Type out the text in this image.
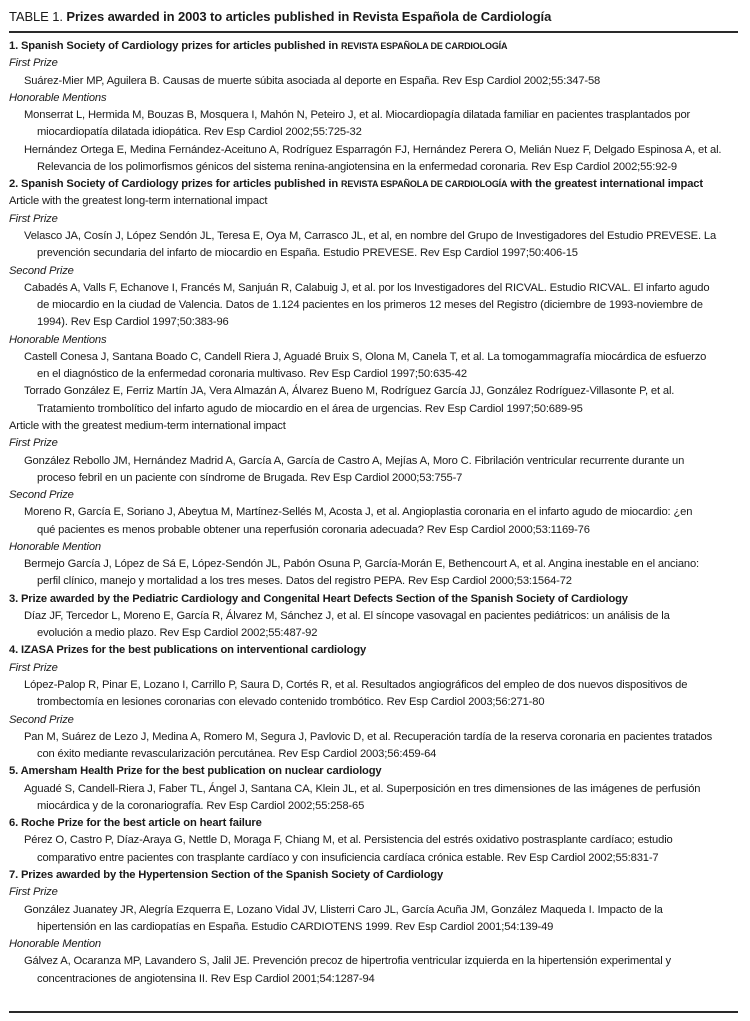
TABLE 1. Prizes awarded in 2003 to articles published in Revista Española de Cardiología
1. Spanish Society of Cardiology prizes for articles published in REVISTA ESPAÑOLA DE CARDIOLOGÍA
First Prize
Suárez-Mier MP, Aguilera B. Causas de muerte súbita asociada al deporte en España. Rev Esp Cardiol 2002;55:347-58
Honorable Mentions
Monserrat L, Hermida M, Bouzas B, Mosquera I, Mahón N, Peteiro J, et al. Miocardiopagía dilatada familiar en pacientes trasplantados por
miocardiopatía dilatada idiopática. Rev Esp Cardiol 2002;55:725-32
Hernández Ortega E, Medina Fernández-Aceituno A, Rodríguez Esparragón FJ, Hernández Perera O, Melián Nuez F, Delgado Espinosa A, et al.
Relevancia de los polimorfismos génicos del sistema renina-angiotensina en la enfermedad coronaria. Rev Esp Cardiol 2002;55:92-9
2. Spanish Society of Cardiology prizes for articles published in REVISTA ESPAÑOLA DE CARDIOLOGÍA with the greatest international impact
Article with the greatest long-term international impact
First Prize
Velasco JA, Cosín J, López Sendón JL, Teresa E, Oya M, Carrasco JL, et al, en nombre del Grupo de Investigadores del Estudio PREVESE. La
prevención secundaria del infarto de miocardio en España. Estudio PREVESE. Rev Esp Cardiol 1997;50:406-15
Second Prize
Cabadés A, Valls F, Echanove I, Francés M, Sanjuán R, Calabuig J, et al. por los Investigadores del RICVAL. Estudio RICVAL. El infarto agudo
de miocardio en la ciudad de Valencia. Datos de 1.124 pacientes en los primeros 12 meses del Registro (diciembre de 1993-noviembre de
1994). Rev Esp Cardiol 1997;50:383-96
Honorable Mentions
Castell Conesa J, Santana Boado C, Candell Riera J, Aguadé Bruix S, Olona M, Canela T, et al. La tomogammagrafía miocárdica de esfuerzo
en el diagnóstico de la enfermedad coronaria multivaso. Rev Esp Cardiol 1997;50:635-42
Torrado González E, Ferriz Martín JA, Vera Almazán A, Álvarez Bueno M, Rodríguez García JJ, González Rodríguez-Villasonte P, et al.
Tratamiento trombolítico del infarto agudo de miocardio en el área de urgencias. Rev Esp Cardiol 1997;50:689-95
Article with the greatest medium-term international impact
First Prize
González Rebollo JM, Hernández Madrid A, García A, García de Castro A, Mejías A, Moro C. Fibrilación ventricular recurrente durante un
proceso febril en un paciente con síndrome de Brugada. Rev Esp Cardiol 2000;53:755-7
Second Prize
Moreno R, García E, Soriano J, Abeytua M, Martínez-Sellés M, Acosta J, et al. Angioplastia coronaria en el infarto agudo de miocardio: ¿en
qué pacientes es menos probable obtener una reperfusión coronaria adecuada? Rev Esp Cardiol 2000;53:1169-76
Honorable Mention
Bermejo García J, López de Sá E, López-Sendón JL, Pabón Osuna P, García-Morán E, Bethencourt A, et al. Angina inestable en el anciano:
perfil clínico, manejo y mortalidad a los tres meses. Datos del registro PEPA. Rev Esp Cardiol 2000;53:1564-72
3. Prize awarded by the Pediatric Cardiology and Congenital Heart Defects Section of the Spanish Society of Cardiology
Díaz JF, Tercedor L, Moreno E, García R, Álvarez M, Sánchez J, et al. El síncope vasovagal en pacientes pediátricos: un análisis de la
evolución a medio plazo. Rev Esp Cardiol 2002;55:487-92
4. IZASA Prizes for the best publications on interventional cardiology
First Prize
López-Palop R, Pinar E, Lozano I, Carrillo P, Saura D, Cortés R, et al. Resultados angiográficos del empleo de dos nuevos dispositivos de
trombectomía en lesiones coronarias con elevado contenido trombótico. Rev Esp Cardiol 2003;56:271-80
Second Prize
Pan M, Suárez de Lezo J, Medina A, Romero M, Segura J, Pavlovic D, et al. Recuperación tardía de la reserva coronaria en pacientes tratados
con éxito mediante revascularización percutánea. Rev Esp Cardiol 2003;56:459-64
5. Amersham Health Prize for the best publication on nuclear cardiology
Aguadé S, Candell-Riera J, Faber TL, Ángel J, Santana CA, Klein JL, et al. Superposición en tres dimensiones de las imágenes de perfusión
miocárdica y de la coronariografía. Rev Esp Cardiol 2002;55:258-65
6. Roche Prize for the best article on heart failure
Pérez O, Castro P, Díaz-Araya G, Nettle D, Moraga F, Chiang M, et al. Persistencia del estrés oxidativo postrasplante cardíaco; estudio
comparativo entre pacientes con trasplante cardíaco y con insuficiencia cardíaca crónica estable. Rev Esp Cardiol 2002;55:831-7
7. Prizes awarded by the Hypertension Section of the Spanish Society of Cardiology
First Prize
González Juanatey JR, Alegría Ezquerra E, Lozano Vidal JV, Llisterri Caro JL, García Acuña JM, González Maqueda I. Impacto de la
hipertensión en las cardiopatías en España. Estudio CARDIOTENS 1999. Rev Esp Cardiol 2001;54:139-49
Honorable Mention
Gálvez A, Ocaranza MP, Lavandero S, Jalil JE. Prevención precoz de hipertrofia ventricular izquierda en la hipertensión experimental y
concentraciones de angiotensina II. Rev Esp Cardiol 2001;54:1287-94
